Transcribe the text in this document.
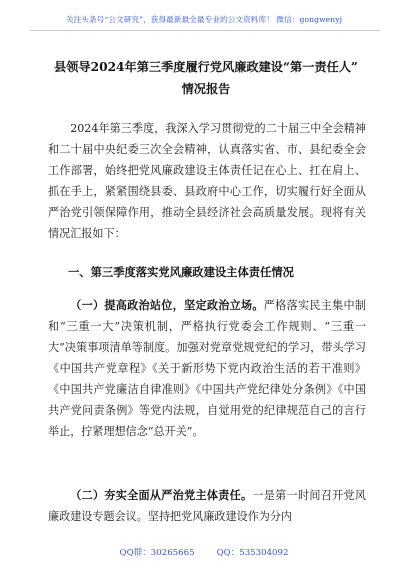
关注头条号“公文研究”，获得最新最全最专业的公文资料库！ 微信：gongwenyj
县领导2024年第三季度履行党风廉政建设“第一责任人”
情况报告

2024年第三季度，我深入学习贯彻党的二十届三中全会精神和二十届中央纪委三次全会精神，认真落实省、市、县纪委全会工作部署，始终把党风廉政建设主体责任记在心上、扛在肩上、抓在手上，紧紧围绕县委、县政府中心工作，切实履行好全面从严治党引领保障作用，推动全县经济社会高质量发展。现将有关情况汇报如下：

一、第三季度落实党风廉政建设主体责任情况

（一）提高政治站位，坚定政治立场。严格落实民主集中制和“三重一大”决策机制，严格执行党委会工作规则、“三重一大”决策事项清单等制度。加强对党章党规党纪的学习，带头学习《中国共产党章程》《关于新形势下党内政治生活的若干准则》《中国共产党廉洁自律准则》《中国共产党纪律处分条例》《中国共产党问责条例》等党内法规，自觉用党的纪律规范自己的言行举止，拧紧理想信念“总开关”。

（二）夯实全面从严治党主体责任。一是第一时间召开党风廉政建设专题会议。坚持把党风廉政建设作为分内

QQ群：30265665	QQ：535304092
